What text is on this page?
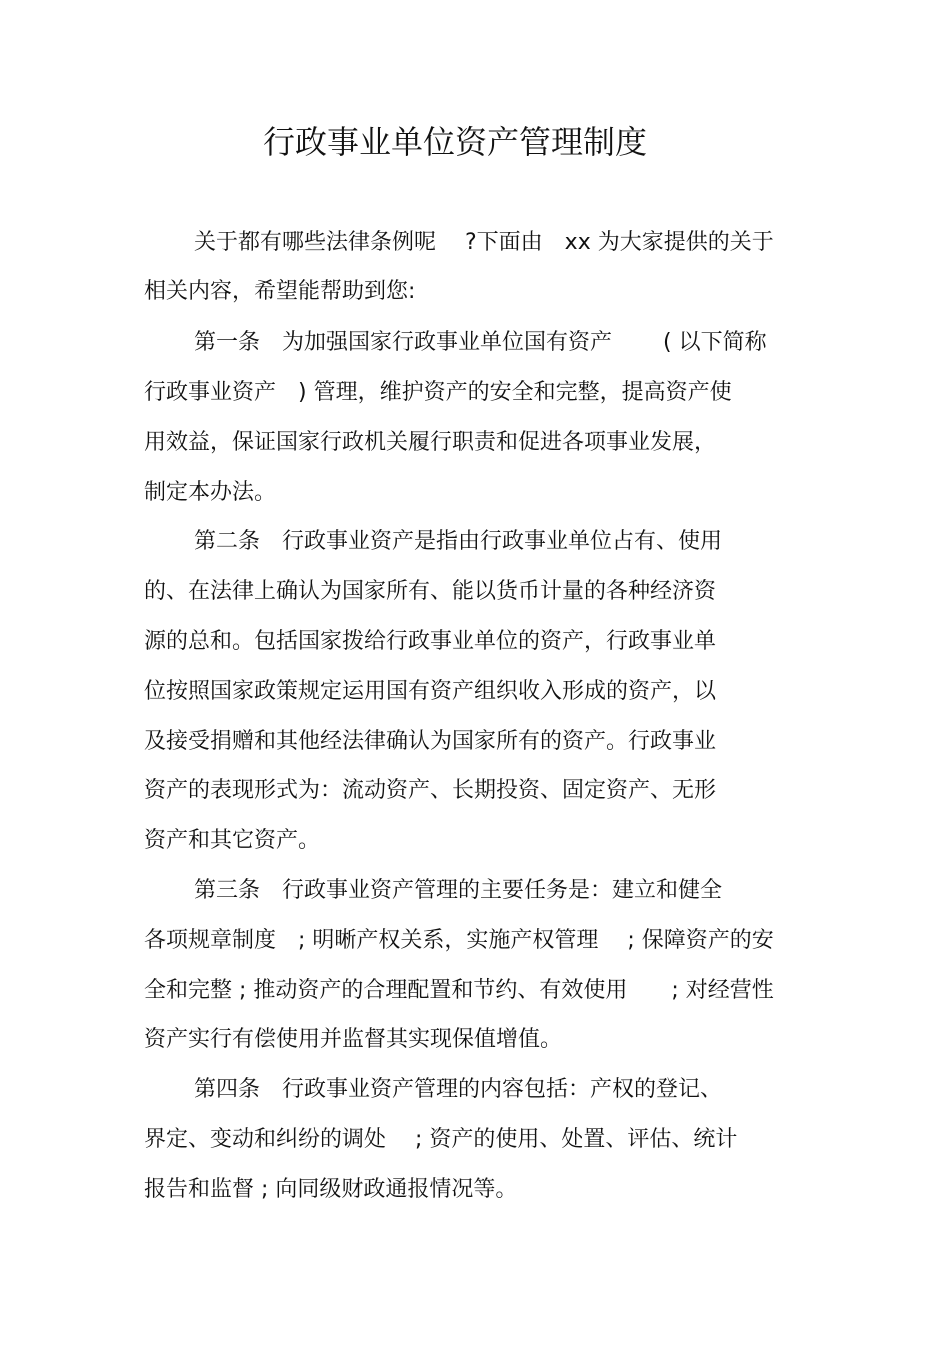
行政事业单位资产管理制度
关于都有哪些法律条例呢　 ?下面由　xx 为大家提供的关于
相关内容，希望能帮助到您:
第一条　为加强国家行政事业单位国有资产　　 ( 以下简称
行政事业资产　) 管理，维护资产的安全和完整，提高资产使
用效益，保证国家行政机关履行职责和促进各项事业发展，
制定本办法。
第二条　行政事业资产是指由行政事业单位占有、使用
的、在法律上确认为国家所有、能以货币计量的各种经济资
源的总和。包括国家拨给行政事业单位的资产，行政事业单
位按照国家政策规定运用国有资产组织收入形成的资产，以
及接受捐赠和其他经法律确认为国家所有的资产。行政事业
资产的表现形式为：流动资产、长期投资、固定资产、无形
资产和其它资产。
第三条　行政事业资产管理的主要任务是：建立和健全
各项规章制度　; 明晰产权关系，实施产权管理　 ; 保障资产的安
全和完整 ; 推动资产的合理配置和节约、有效使用　　; 对经营性
资产实行有偿使用并监督其实现保值增值。
第四条　行政事业资产管理的内容包括：产权的登记、
界定、变动和纠纷的调处　 ; 资产的使用、处置、评估、统计
报告和监督 ; 向同级财政通报情况等。
